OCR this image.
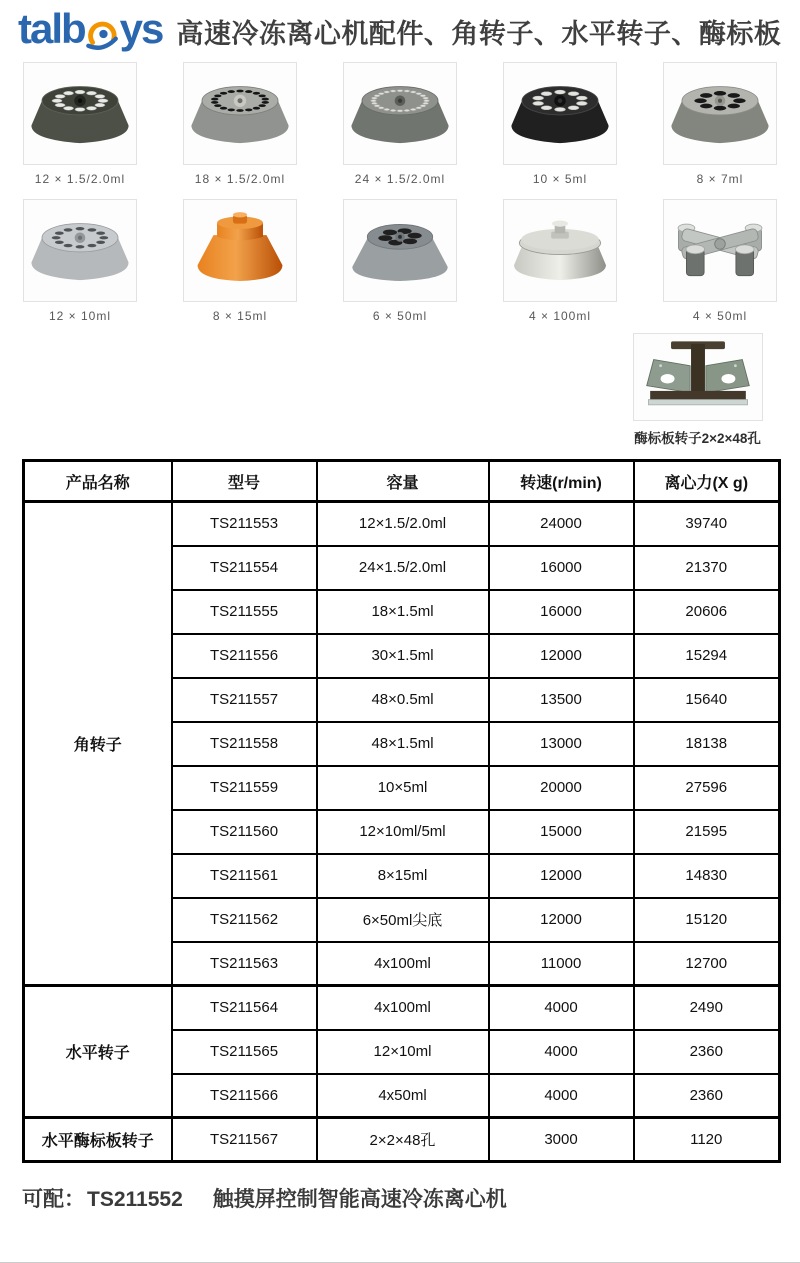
talb ys 高速冷冻离心机配件、角转子、水平转子、酶标板
12 × 1.5/2.0ml	18 × 1.5/2.0ml	24 × 1.5/2.0ml	10 × 5ml	8 × 7ml
12 × 10ml	8 × 15ml	6 × 50ml	4 × 100ml	4 × 50ml
酶标板转子2×2×48孔
产品名称	型号	容量	转速(r/min)	离心力(X g)
角转子	TS211553	12×1.5/2.0ml	24000	39740
	TS211554	24×1.5/2.0ml	16000	21370
	TS211555	18×1.5ml	16000	20606
	TS211556	30×1.5ml	12000	15294
	TS211557	48×0.5ml	13500	15640
	TS211558	48×1.5ml	13000	18138
	TS211559	10×5ml	20000	27596
	TS211560	12×10ml/5ml	15000	21595
	TS211561	8×15ml	12000	14830
	TS211562	6×50ml尖底	12000	15120
	TS211563	4x100ml	11000	12700
水平转子	TS211564	4x100ml	4000	2490
	TS211565	12×10ml	4000	2360
	TS211566	4x50ml	4000	2360
水平酶标板转子	TS211567	2×2×48孔	3000	1120
可配：TS211552 触摸屏控制智能高速冷冻离心机
